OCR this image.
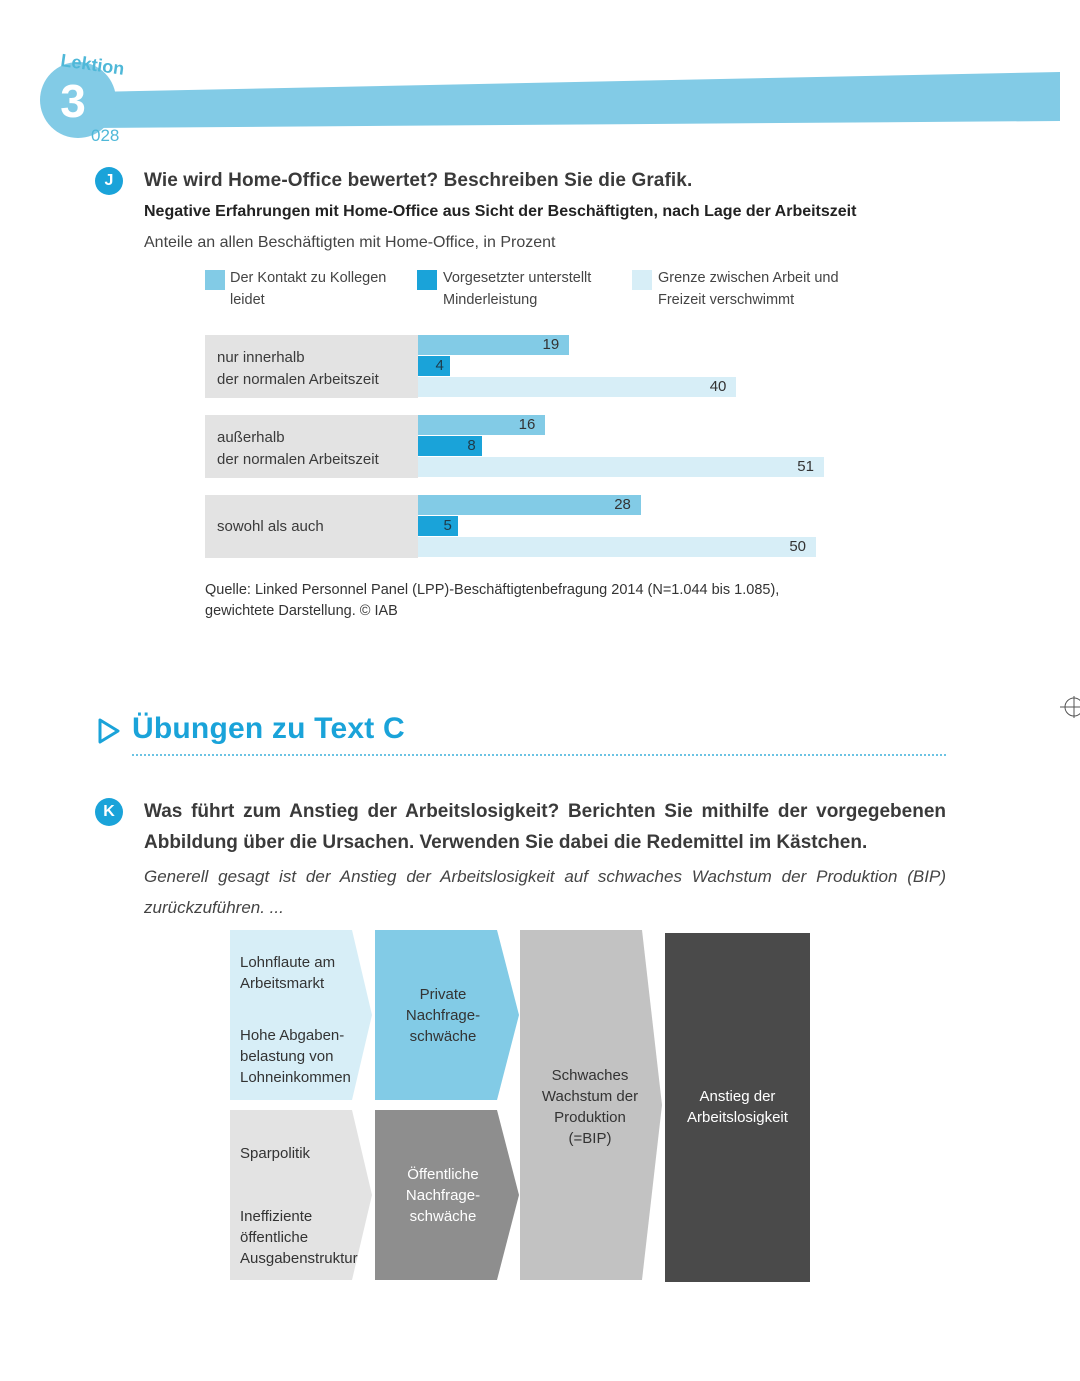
Lektion
3
028
J	Wie wird Home-Office bewertet? Beschreiben Sie die Grafik.
Negative Erfahrungen mit Home-Office aus Sicht der Beschäftigten, nach Lage der Arbeitszeit
Anteile an allen Beschäftigten mit Home-Office, in Prozent
Der Kontakt zu Kollegen
leidet
Vorgesetzter unterstellt
Minderleistung
Grenze zwischen Arbeit und
Freizeit verschwimmt
nur innerhalb
der normalen Arbeitszeit
19
4
40
außerhalb
der normalen Arbeitszeit
16
8
51
sowohl als auch
28
5
50
Quelle: Linked Personnel Panel (LPP)-Beschäftigtenbefragung 2014 (N=1.044 bis 1.085), gewichtete Darstellung. © IAB
Übungen zu Text C
K	Was führt zum Anstieg der Arbeitslosigkeit? Berichten Sie mithilfe der vorgegebenen Abbildung über die Ursachen. Verwenden Sie dabei die Redemittel im Kästchen.
Generell gesagt ist der Anstieg der Arbeitslosigkeit auf schwaches Wachstum der Produktion (BIP) zurückzuführen. ...
Lohnflaute am
Arbeitsmarkt
Hohe Abgaben-
belastung von
Lohneinkommen
Private
Nachfrage-
schwäche
Sparpolitik
Ineffiziente
öffentliche
Ausgabenstruktur
Öffentliche
Nachfrage-
schwäche
Schwaches
Wachstum der
Produktion
(=BIP)
Anstieg der
Arbeitslosigkeit
